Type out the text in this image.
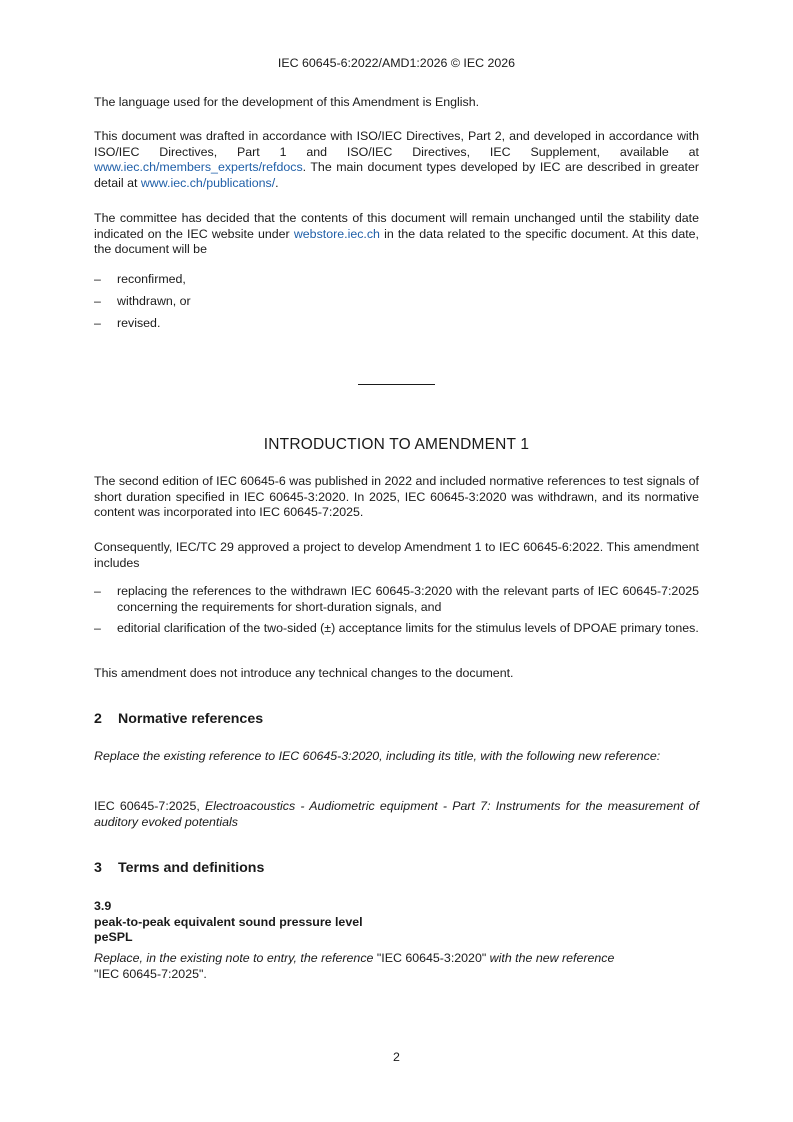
IEC 60645-6:2022/AMD1:2026 © IEC 2026

The language used for the development of this Amendment is English.

This document was drafted in accordance with ISO/IEC Directives, Part 2, and developed in accordance with ISO/IEC Directives, Part 1 and ISO/IEC Directives, IEC Supplement, available at www.iec.ch/members_experts/refdocs. The main document types developed by IEC are described in greater detail at www.iec.ch/publications/.

The committee has decided that the contents of this document will remain unchanged until the stability date indicated on the IEC website under webstore.iec.ch in the data related to the specific document. At this date, the document will be

– reconfirmed,
– withdrawn, or
– revised.

The second edition of IEC 60645-6 was published in 2022 and included normative references to test signals of short duration specified in IEC 60645-3:2020. In 2025, IEC 60645-3:2020 was withdrawn, and its normative content was incorporated into IEC 60645-7:2025.

Consequently, IEC/TC 29 approved a project to develop Amendment 1 to IEC 60645-6:2022. This amendment includes

– replacing the references to the withdrawn IEC 60645-3:2020 with the relevant parts of IEC 60645-7:2025 concerning the requirements for short-duration signals, and
– editorial clarification of the two-sided (±) acceptance limits for the stimulus levels of DPOAE primary tones.

This amendment does not introduce any technical changes to the document.

2 Normative references

Replace the existing reference to IEC 60645-3:2020, including its title, with the following new reference:

IEC 60645-7:2025, Electroacoustics - Audiometric equipment - Part 7: Instruments for the measurement of auditory evoked potentials

3 Terms and definitions

3.9

peak-to-peak equivalent sound pressure level

peSPL

Replace, in the existing note to entry, the reference "IEC 60645-3:2020" with the new reference
"IEC 60645-7:2025".

INTRODUCTION TO AMENDMENT 1
2
